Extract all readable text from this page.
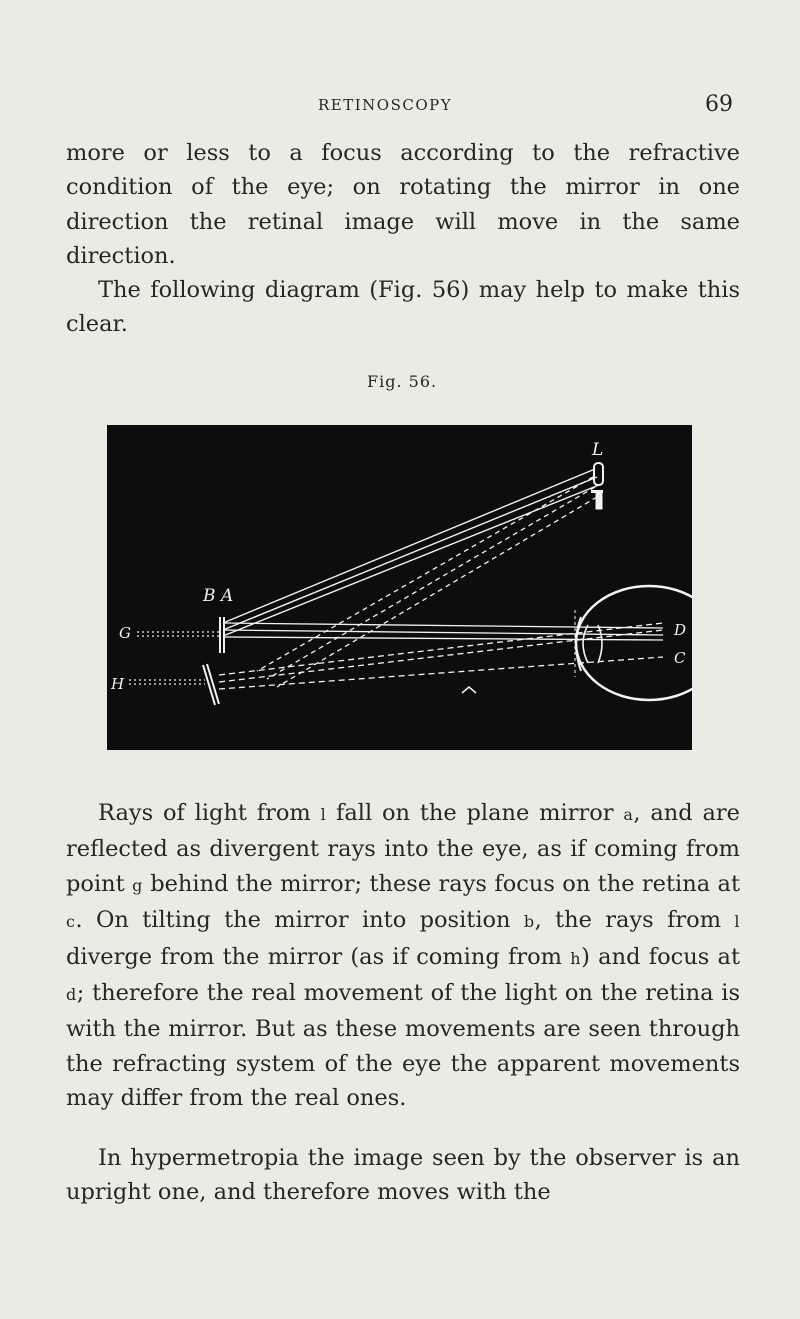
RETINOSCOPY	69

more or less to a focus according to the refractive condition of the eye; on rotating the mirror in one direction the retinal image will move in the same direction.

The following diagram (Fig. 56) may help to make this clear.

Fig. 56.
L
B A
G
H
D
C

Rays of light from l fall on the plane mirror a, and are reflected as divergent rays into the eye, as if coming from point g behind the mirror; these rays focus on the retina at c. On tilting the mirror into position b, the rays from l diverge from the mirror (as if coming from h) and focus at d; therefore the real movement of the light on the retina is with the mirror. But as these movements are seen through the refracting system of the eye the apparent movements may differ from the real ones.

In hypermetropia the image seen by the observer is an upright one, and therefore moves with the
